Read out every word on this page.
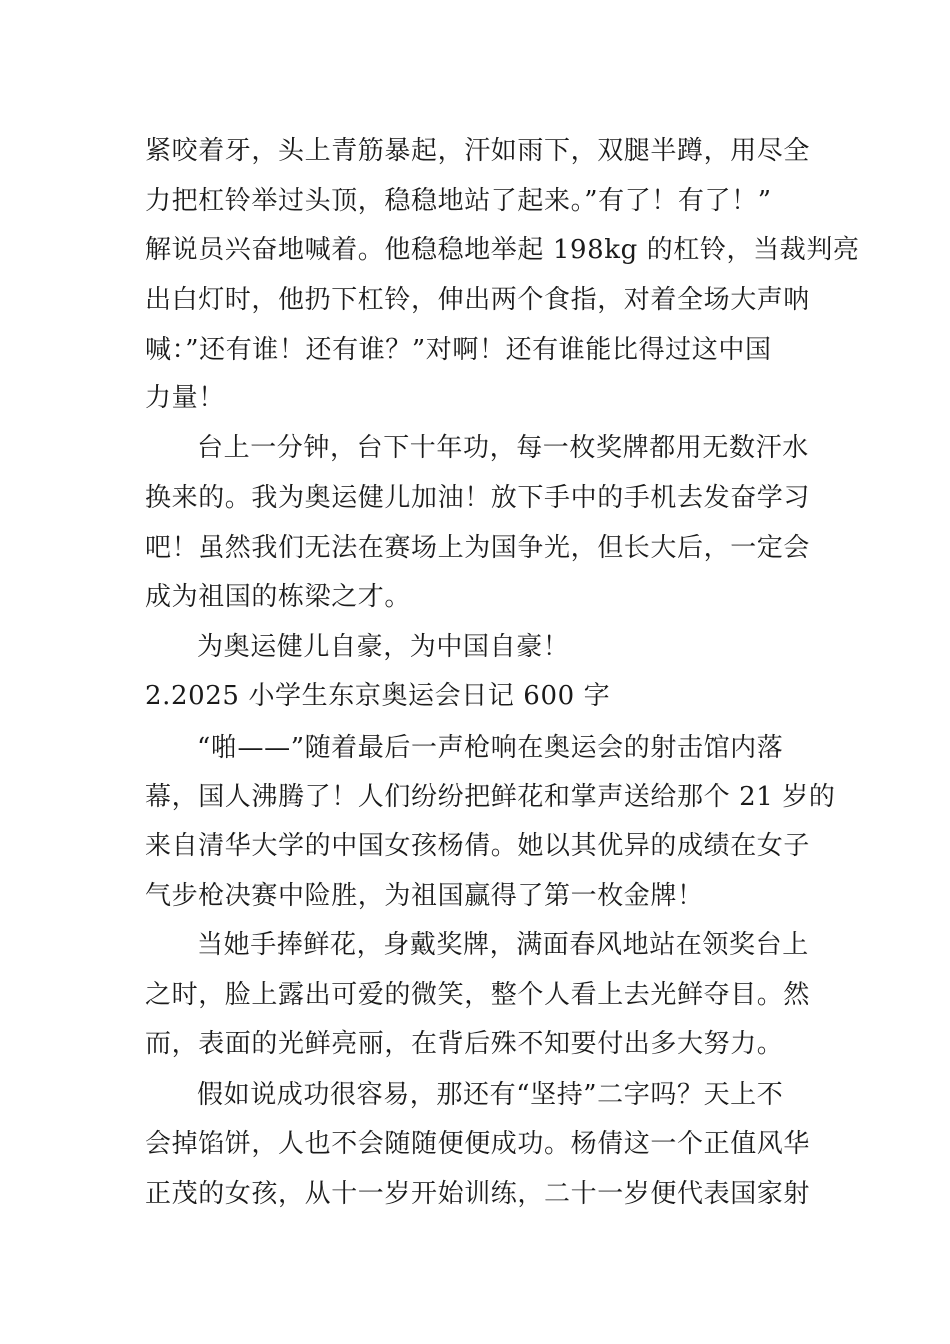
紧咬着牙，头上青筋暴起，汗如雨下，双腿半蹲，用尽全
力把杠铃举过头顶，稳稳地站了起来。”有了！有了！”
解说员兴奋地喊着。他稳稳地举起 198kg 的杠铃，当裁判亮
出白灯时，他扔下杠铃，伸出两个食指，对着全场大声呐
喊：”还有谁！还有谁？”对啊！还有谁能比得过这中国
力量！
台上一分钟，台下十年功，每一枚奖牌都用无数汗水
换来的。我为奥运健儿加油！放下手中的手机去发奋学习
吧！虽然我们无法在赛场上为国争光，但长大后，一定会
成为祖国的栋梁之才。
为奥运健儿自豪，为中国自豪！
2.2025 小学生东京奥运会日记 600 字
“啪——”随着最后一声枪响在奥运会的射击馆内落
幕，国人沸腾了！人们纷纷把鲜花和掌声送给那个 21 岁的
来自清华大学的中国女孩杨倩。她以其优异的成绩在女子
气步枪决赛中险胜，为祖国赢得了第一枚金牌！
当她手捧鲜花，身戴奖牌，满面春风地站在领奖台上
之时，脸上露出可爱的微笑，整个人看上去光鲜夺目。然
而，表面的光鲜亮丽，在背后殊不知要付出多大努力。
假如说成功很容易，那还有“坚持”二字吗？天上不
会掉馅饼，人也不会随随便便成功。杨倩这一个正值风华
正茂的女孩，从十一岁开始训练，二十一岁便代表国家射
